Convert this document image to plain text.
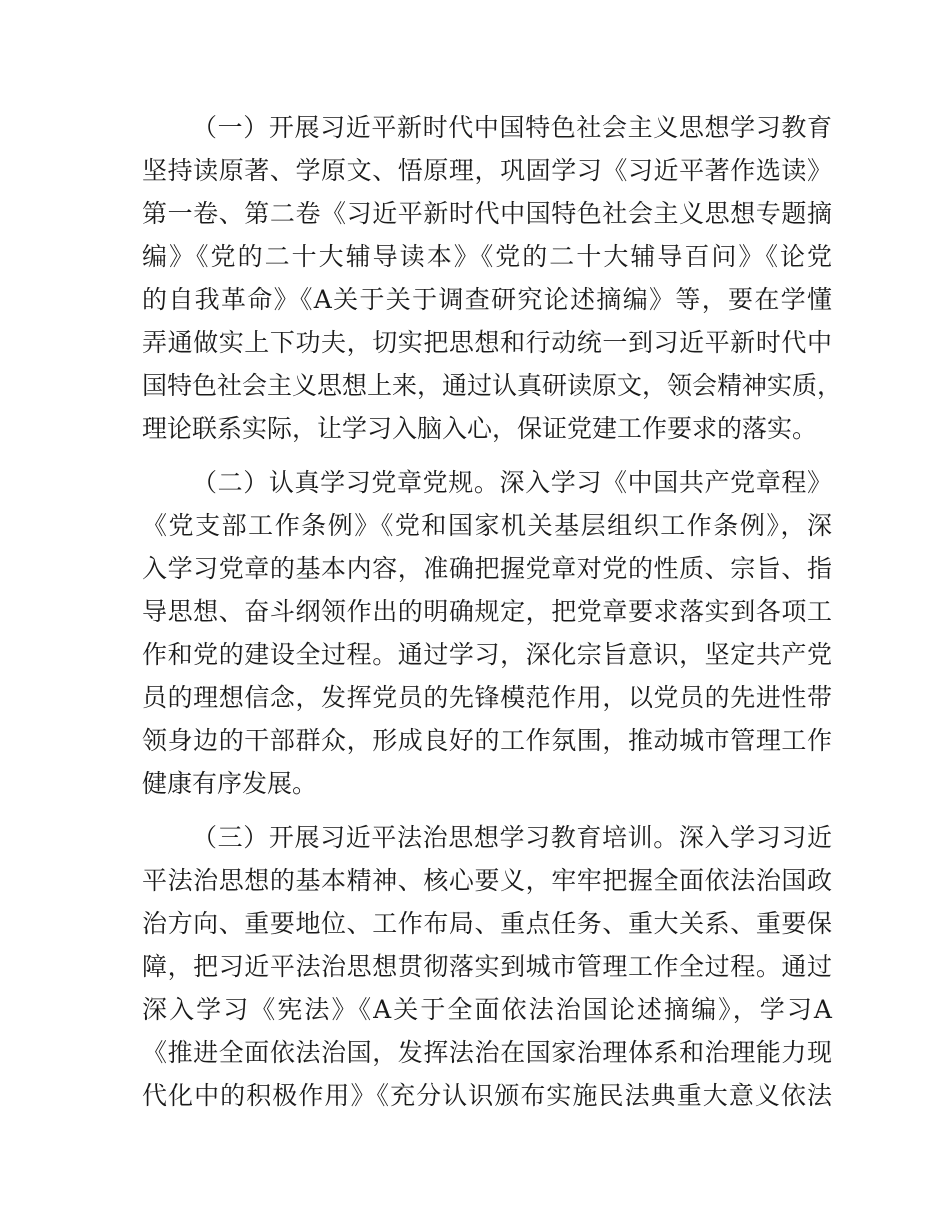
（一）开展习近平新时代中国特色社会主义思想学习教育
坚持读原著、学原文、悟原理，巩固学习《习近平著作选读》
第一卷、第二卷《习近平新时代中国特色社会主义思想专题摘
编》《党的二十大辅导读本》《党的二十大辅导百问》《论党
的自我革命》《A关于关于调查研究论述摘编》等，要在学懂
弄通做实上下功夫，切实把思想和行动统一到习近平新时代中
国特色社会主义思想上来，通过认真研读原文，领会精神实质，
理论联系实际，让学习入脑入心，保证党建工作要求的落实。
（二）认真学习党章党规。深入学习《中国共产党章程》
《党支部工作条例》《党和国家机关基层组织工作条例》，深
入学习党章的基本内容，准确把握党章对党的性质、宗旨、指
导思想、奋斗纲领作出的明确规定，把党章要求落实到各项工
作和党的建设全过程。通过学习，深化宗旨意识，坚定共产党
员的理想信念，发挥党员的先锋模范作用，以党员的先进性带
领身边的干部群众，形成良好的工作氛围，推动城市管理工作
健康有序发展。
（三）开展习近平法治思想学习教育培训。深入学习习近
平法治思想的基本精神、核心要义，牢牢把握全面依法治国政
治方向、重要地位、工作布局、重点任务、重大关系、重要保
障，把习近平法治思想贯彻落实到城市管理工作全过程。通过
深入学习《宪法》《A关于全面依法治国论述摘编》，学习A
《推进全面依法治国，发挥法治在国家治理体系和治理能力现
代化中的积极作用》《充分认识颁布实施民法典重大意义依法
